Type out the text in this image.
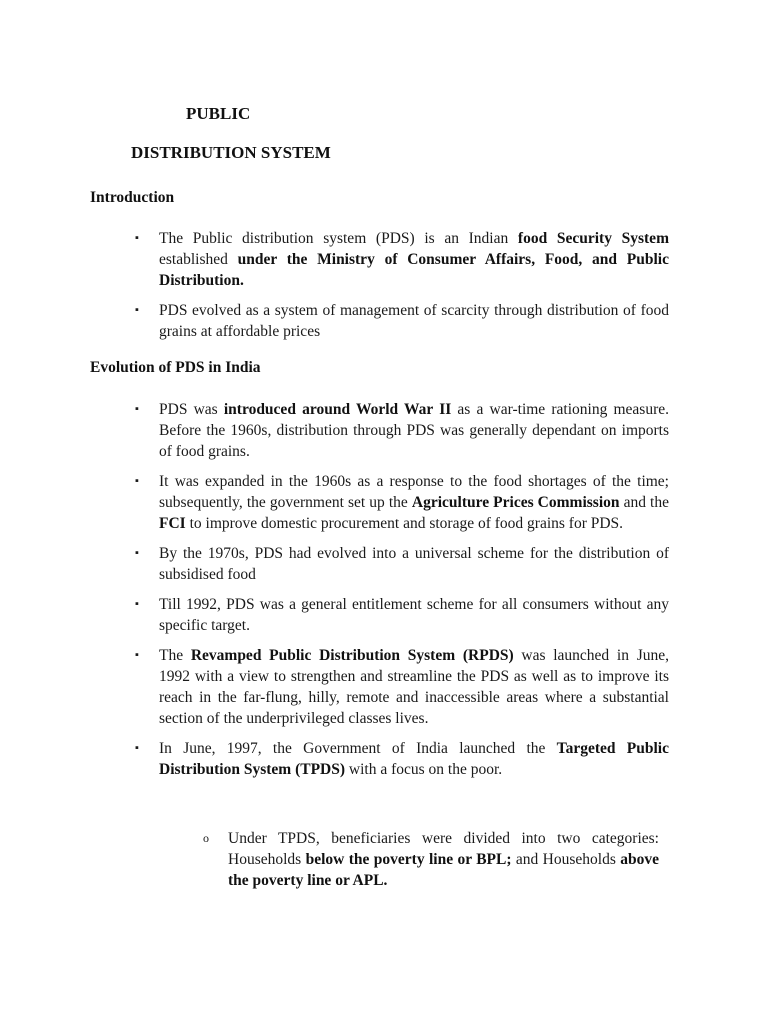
PUBLIC
DISTRIBUTION SYSTEM
Introduction
▪ The Public distribution system (PDS) is an Indian food Security System established under the Ministry of Consumer Affairs, Food, and Public Distribution.
▪ PDS evolved as a system of management of scarcity through distribution of food grains at affordable prices
Evolution of PDS in India
▪ PDS was introduced around World War II as a war-time rationing measure. Before the 1960s, distribution through PDS was generally dependant on imports of food grains.
▪ It was expanded in the 1960s as a response to the food shortages of the time; subsequently, the government set up the Agriculture Prices Commission and the FCI to improve domestic procurement and storage of food grains for PDS.
▪ By the 1970s, PDS had evolved into a universal scheme for the distribution of subsidised food
▪ Till 1992, PDS was a general entitlement scheme for all consumers without any specific target.
▪ The Revamped Public Distribution System (RPDS) was launched in June, 1992 with a view to strengthen and streamline the PDS as well as to improve its reach in the far-flung, hilly, remote and inaccessible areas where a substantial section of the underprivileged classes lives.
▪ In June, 1997, the Government of India launched the Targeted Public Distribution System (TPDS) with a focus on the poor.
o Under TPDS, beneficiaries were divided into two categories: Households below the poverty line or BPL; and Households above the poverty line or APL.
